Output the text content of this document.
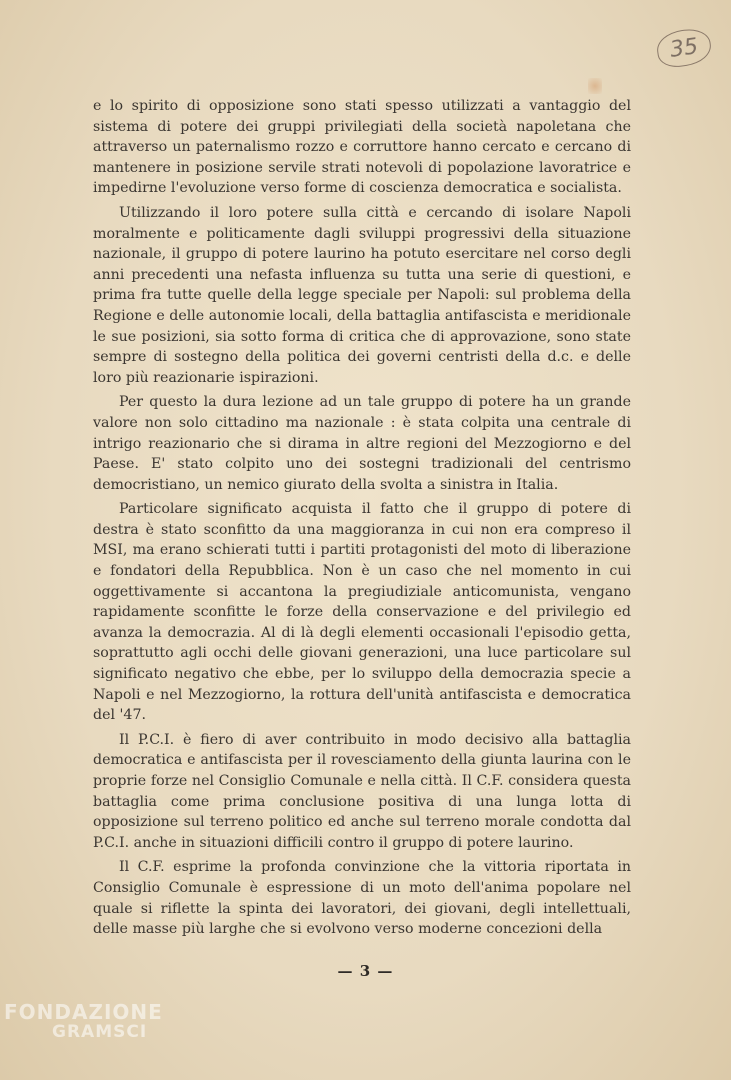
35

e lo spirito di opposizione sono stati spesso utilizzati a vantaggio del sistema di potere dei gruppi privilegiati della società napoletana che attraverso un paternalismo rozzo e corruttore hanno cercato e cercano di mantenere in posizione servile strati notevoli di popolazione lavoratrice e impedirne l'evoluzione verso forme di coscienza democratica e socialista.

Utilizzando il loro potere sulla città e cercando di isolare Napoli moralmente e politicamente dagli sviluppi progressivi della situazione nazionale, il gruppo di potere laurino ha potuto esercitare nel corso degli anni precedenti una nefasta influenza su tutta una serie di questioni, e prima fra tutte quelle della legge speciale per Napoli: sul problema della Regione e delle autonomie locali, della battaglia antifascista e meridionale le sue posizioni, sia sotto forma di critica che di approvazione, sono state sempre di sostegno della politica dei governi centristi della d.c. e delle loro più reazionarie ispirazioni.

Per questo la dura lezione ad un tale gruppo di potere ha un grande valore non solo cittadino ma nazionale : è stata colpita una centrale di intrigo reazionario che si dirama in altre regioni del Mezzogiorno e del Paese. E' stato colpito uno dei sostegni tradizionali del centrismo democristiano, un nemico giurato della svolta a sinistra in Italia.

Particolare significato acquista il fatto che il gruppo di potere di destra è stato sconfitto da una maggioranza in cui non era compreso il MSI, ma erano schierati tutti i partiti protagonisti del moto di liberazione e fondatori della Repubblica. Non è un caso che nel momento in cui oggettivamente si accantona la pregiudiziale anticomunista, vengano rapidamente sconfitte le forze della conservazione e del privilegio ed avanza la democrazia. Al di là degli elementi occasionali l'episodio getta, soprattutto agli occhi delle giovani generazioni, una luce particolare sul significato negativo che ebbe, per lo sviluppo della democrazia specie a Napoli e nel Mezzogiorno, la rottura dell'unità antifascista e democratica del '47.

Il P.C.I. è fiero di aver contribuito in modo decisivo alla battaglia democratica e antifascista per il rovesciamento della giunta laurina con le proprie forze nel Consiglio Comunale e nella città. Il C.F. considera questa battaglia come prima conclusione positiva di una lunga lotta di opposizione sul terreno politico ed anche sul terreno morale condotta dal P.C.I. anche in situazioni difficili contro il gruppo di potere laurino.

Il C.F. esprime la profonda convinzione che la vittoria riportata in Consiglio Comunale è espressione di un moto dell'anima popolare nel quale si riflette la spinta dei lavoratori, dei giovani, degli intellettuali, delle masse più larghe che si evolvono verso moderne concezioni della

— 3 —
FONDAZIONE
GRAMSCI
